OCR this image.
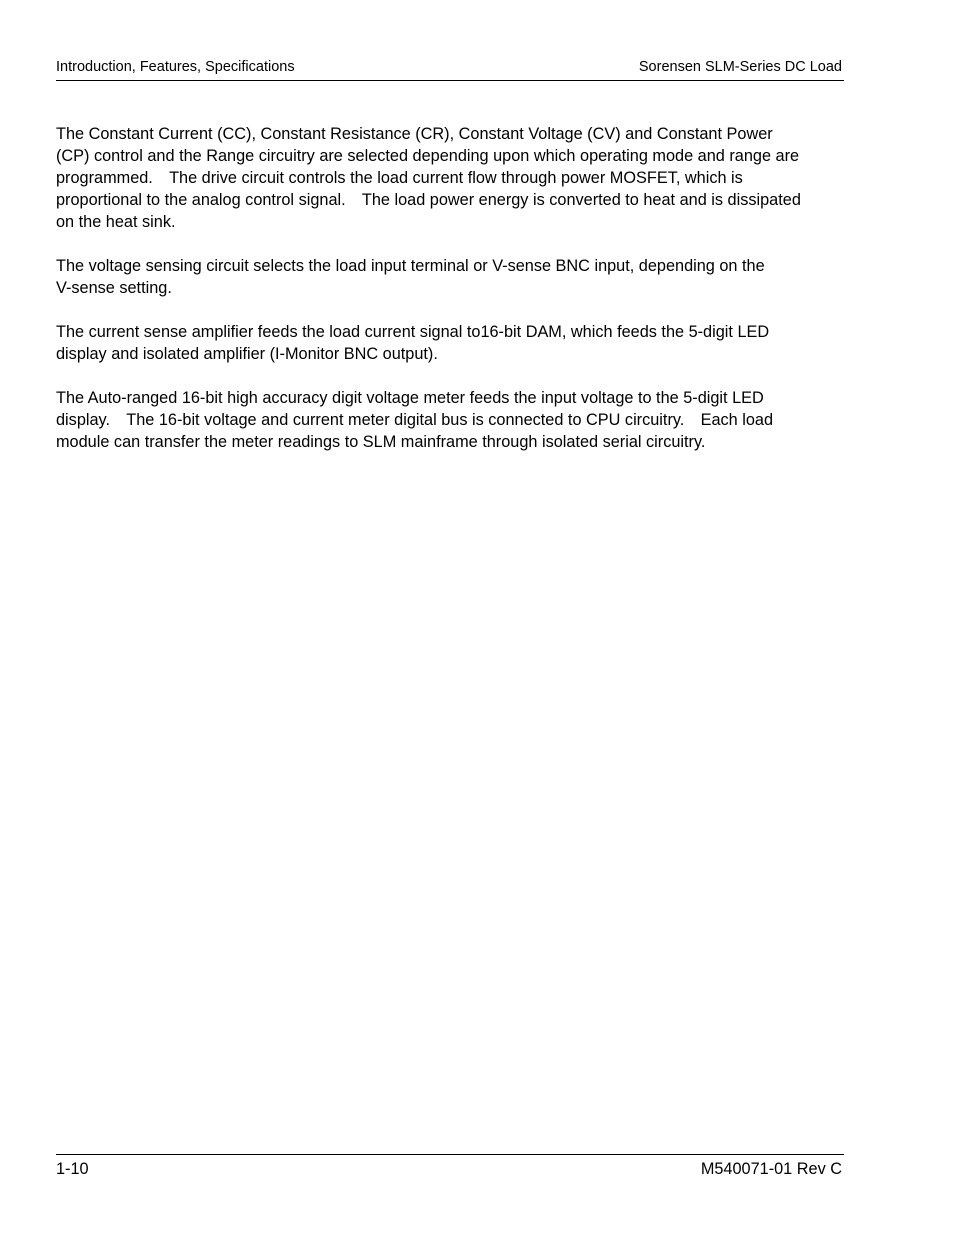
Introduction, Features, Specifications	Sorensen SLM-Series DC Load

The Constant Current (CC), Constant Resistance (CR), Constant Voltage (CV) and Constant Power
(CP) control and the Range circuitry are selected depending upon which operating mode and range are
programmed.　The drive circuit controls the load current flow through power MOSFET, which is
proportional to the analog control signal.　The load power energy is converted to heat and is dissipated
on the heat sink.

The voltage sensing circuit selects the load input terminal or V-sense BNC input, depending on the
V-sense setting.

The current sense amplifier feeds the load current signal to16-bit DAM, which feeds the 5-digit LED
display and isolated amplifier (I-Monitor BNC output).

The Auto-ranged 16-bit high accuracy digit voltage meter feeds the input voltage to the 5-digit LED
display.　The 16-bit voltage and current meter digital bus is connected to CPU circuitry.　Each load
module can transfer the meter readings to SLM mainframe through isolated serial circuitry.

1-10	M540071-01 Rev C
